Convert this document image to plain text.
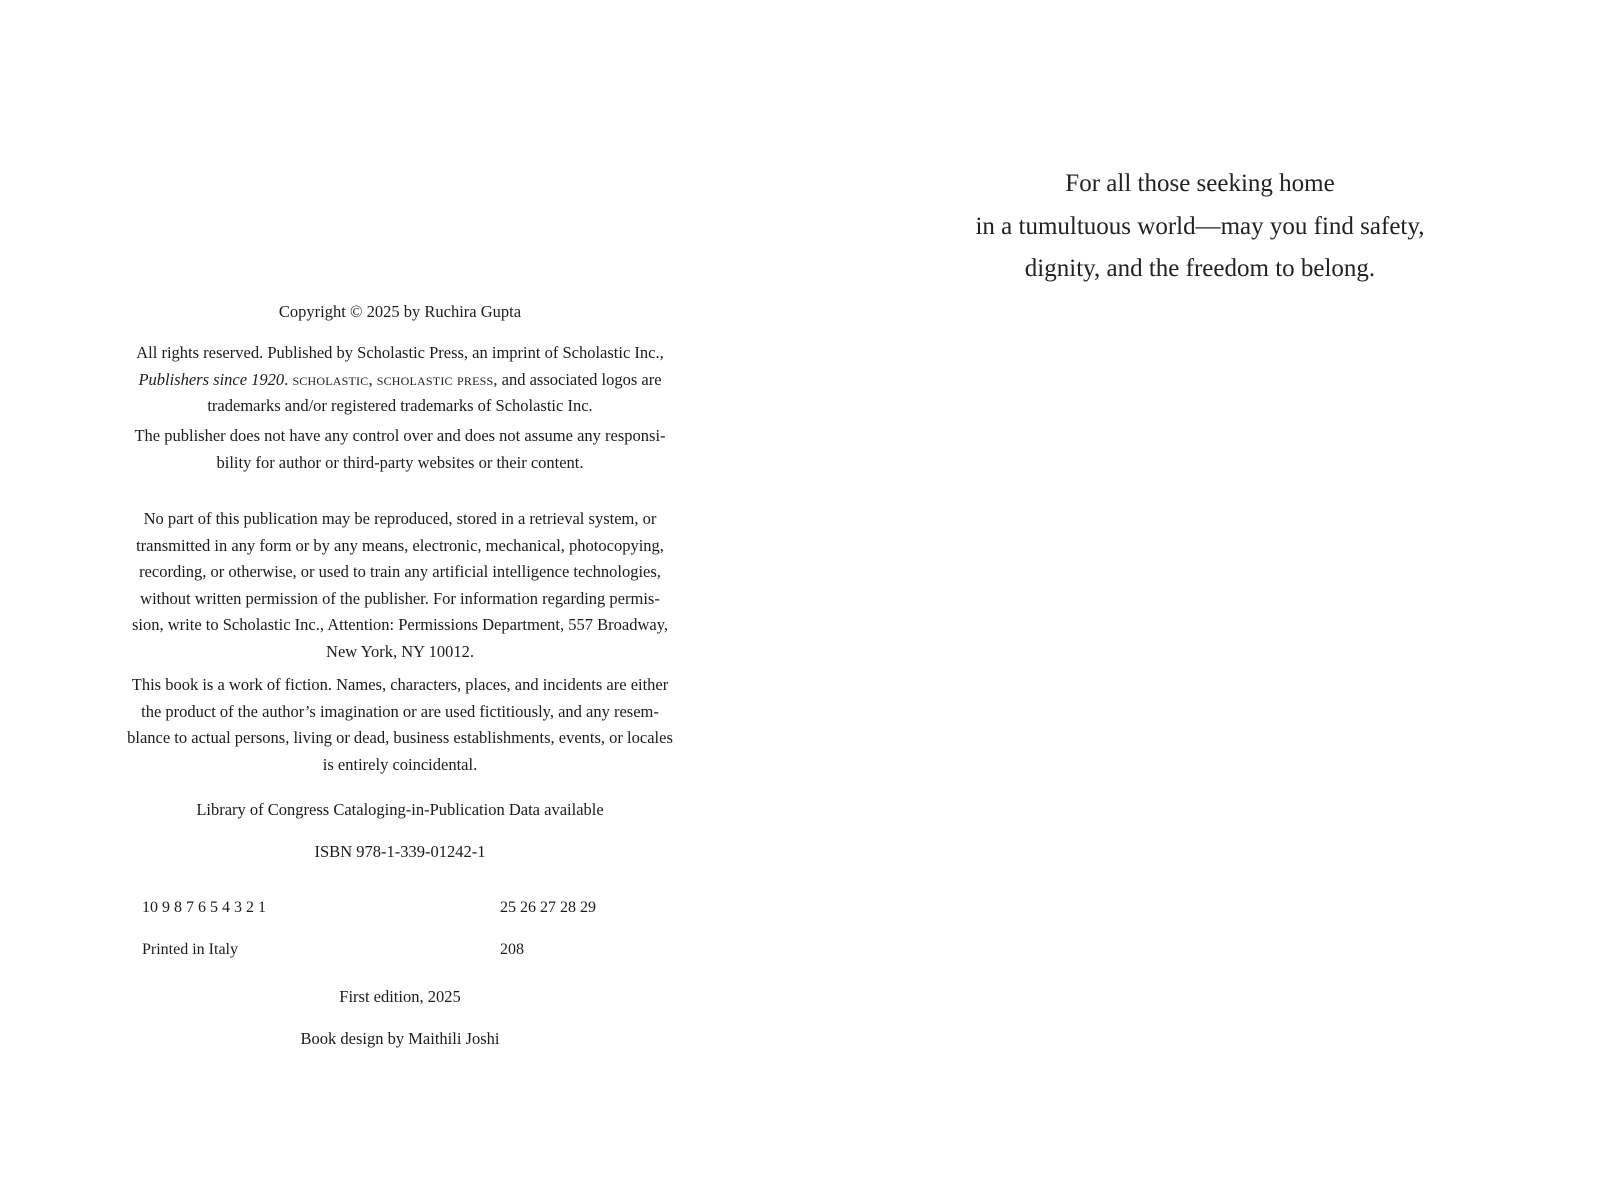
Copyright © 2025 by Ruchira Gupta
All rights reserved. Published by Scholastic Press, an imprint of Scholastic Inc.,
Publishers since 1920. scholastic, scholastic press, and associated logos are
trademarks and/or registered trademarks of Scholastic Inc.
The publisher does not have any control over and does not assume any responsi-
bility for author or third-party websites or their content.
No part of this publication may be reproduced, stored in a retrieval system, or
transmitted in any form or by any means, electronic, mechanical, photocopying,
recording, or otherwise, or used to train any artificial intelligence technologies,
without written permission of the publisher. For information regarding permis-
sion, write to Scholastic Inc., Attention: Permissions Department, 557 Broadway,
New York, NY 10012.
This book is a work of fiction. Names, characters, places, and incidents are either
the product of the author’s imagination or are used fictitiously, and any resem-
blance to actual persons, living or dead, business establishments, events, or locales
is entirely coincidental.
Library of Congress Cataloging-in-Publication Data available
ISBN 978-1-339-01242-1
10 9 8 7 6 5 4 3 2 1	25 26 27 28 29
Printed in Italy	208
First edition, 2025
Book design by Maithili Joshi
For all those seeking home
in a tumultuous world—may you find safety,
dignity, and the freedom to belong.
